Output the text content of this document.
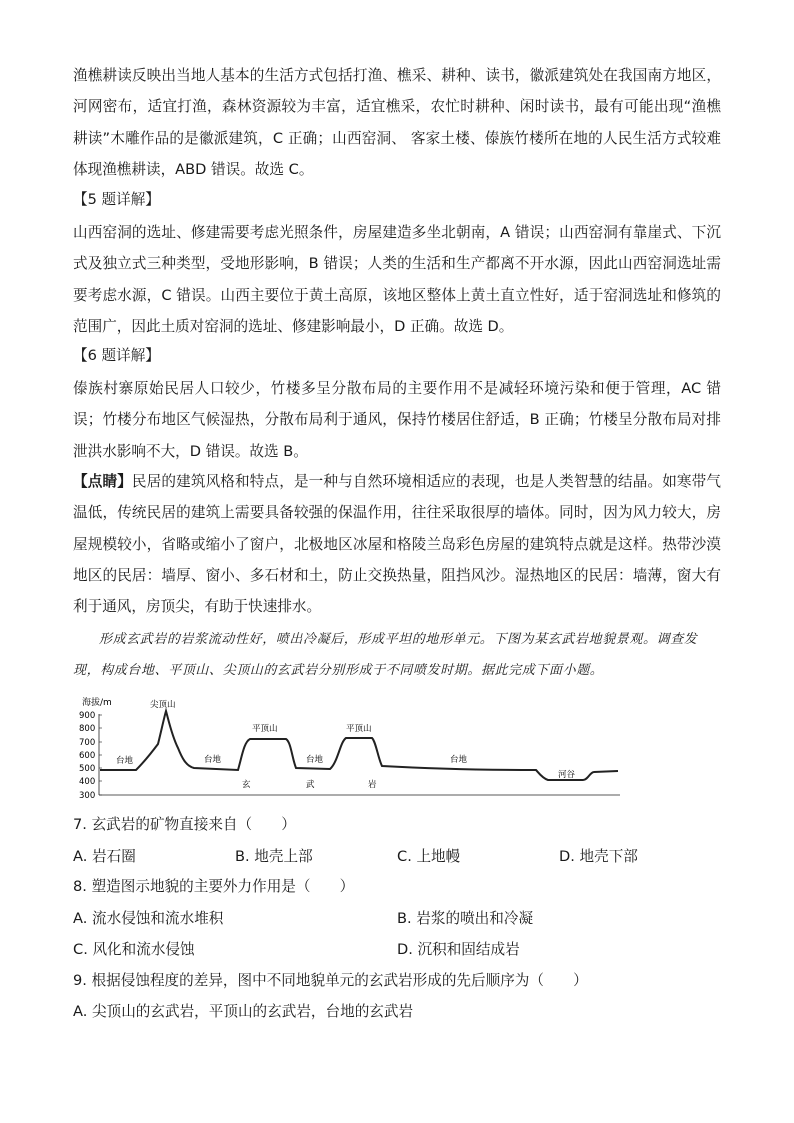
渔樵耕读反映出当地人基本的生活方式包括打渔、樵采、耕种、读书，徽派建筑处在我国南方地区，河网密布，适宜打渔，森林资源较为丰富，适宜樵采，农忙时耕种、闲时读书，最有可能出现“渔樵耕读”木雕作品的是徽派建筑，C 正确；山西窑洞、 客家土楼、傣族竹楼所在地的人民生活方式较难体现渔樵耕读，ABD 错误。故选 C。
【5 题详解】
山西窑洞的选址、修建需要考虑光照条件，房屋建造多坐北朝南，A 错误；山西窑洞有靠崖式、下沉式及独立式三种类型，受地形影响，B 错误；人类的生活和生产都离不开水源，因此山西窑洞选址需要考虑水源，C 错误。山西主要位于黄土高原，该地区整体上黄土直立性好，适于窑洞选址和修筑的范围广，因此土质对窑洞的选址、修建影响最小，D 正确。故选 D。
【6 题详解】
傣族村寨原始民居人口较少，竹楼多呈分散布局的主要作用不是减轻环境污染和便于管理，AC 错误；竹楼分布地区气候湿热，分散布局利于通风，保持竹楼居住舒适，B 正确；竹楼呈分散布局对排泄洪水影响不大，D 错误。故选 B。
【点睛】民居的建筑风格和特点，是一种与自然环境相适应的表现，也是人类智慧的结晶。如寒带气温低，传统民居的建筑上需要具备较强的保温作用，往往采取很厚的墙体。同时，因为风力较大，房屋规模较小，省略或缩小了窗户，北极地区冰屋和格陵兰岛彩色房屋的建筑特点就是这样。热带沙漠地区的民居：墙厚、窗小、多石材和土，防止交换热量，阻挡风沙。湿热地区的民居：墙薄，窗大有利于通风，房顶尖，有助于快速排水。
形成玄武岩的岩浆流动性好，喷出冷凝后，形成平坦的地形单元。下图为某玄武岩地貌景观。调查发现，构成台地、平顶山、尖顶山的玄武岩分别形成于不同喷发时期。据此完成下面小题。
海拔/m
900
800
700
600
500
400
300
尖顶山
平顶山	平顶山
台地	台地	台地	台地
河谷
玄	武	岩
7. 玄武岩的矿物直接来自（　　）
A. 岩石圈	B. 地壳上部	C. 上地幔	D. 地壳下部
8. 塑造图示地貌的主要外力作用是（　　）
A. 流水侵蚀和流水堆积	B. 岩浆的喷出和冷凝
C. 风化和流水侵蚀	D. 沉积和固结成岩
9. 根据侵蚀程度的差异，图中不同地貌单元的玄武岩形成的先后顺序为（　　）
A. 尖顶山的玄武岩，平顶山的玄武岩，台地的玄武岩
